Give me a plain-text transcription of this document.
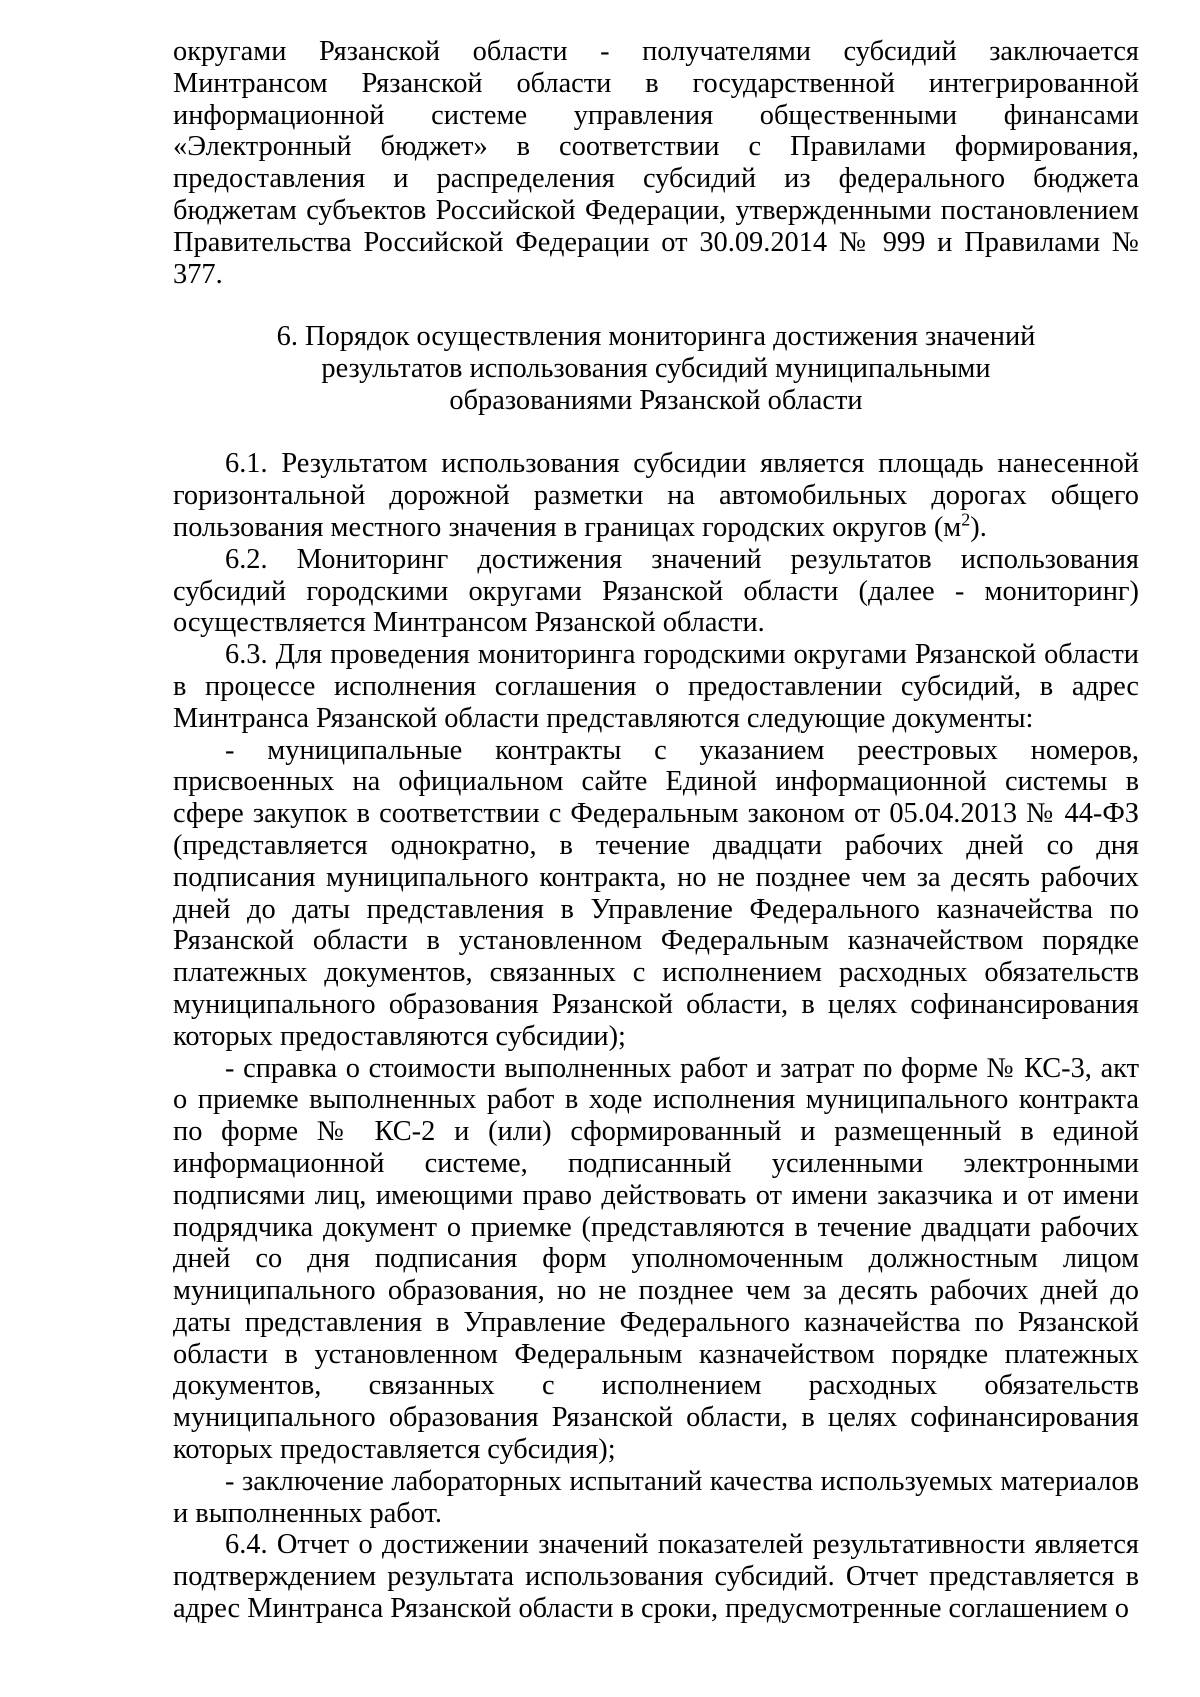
округами Рязанской области - получателями субсидий заключается Минтрансом Рязанской области в государственной интегрированной информационной системе управления общественными финансами «Электронный бюджет» в соответствии с Правилами формирования, предоставления и распределения субсидий из федерального бюджета бюджетам субъектов Российской Федерации, утвержденными постановлением Правительства Российской Федерации от 30.09.2014 № 999 и Правилами № 377.

6. Порядок осуществления мониторинга достижения значений
результатов использования субсидий муниципальными
образованиями Рязанской области

6.1. Результатом использования субсидии является площадь нанесенной горизонтальной дорожной разметки на автомобильных дорогах общего пользования местного значения в границах городских округов $(м^2)$.

6.2. Мониторинг достижения значений результатов использования субсидий городскими округами Рязанской области (далее - мониторинг) осуществляется Минтрансом Рязанской области.

6.3. Для проведения мониторинга городскими округами Рязанской области в процессе исполнения соглашения о предоставлении субсидий, в адрес Минтранса Рязанской области представляются следующие документы:

- муниципальные контракты с указанием реестровых номеров, присвоенных на официальном сайте Единой информационной системы в сфере закупок в соответствии с Федеральным законом от 05.04.2013 № 44-ФЗ (представляется однократно, в течение двадцати рабочих дней со дня подписания муниципального контракта, но не позднее чем за десять рабочих дней до даты представления в Управление Федерального казначейства по Рязанской области в установленном Федеральным казначейством порядке платежных документов, связанных с исполнением расходных обязательств муниципального образования Рязанской области, в целях софинансирования которых предоставляются субсидии);

- справка о стоимости выполненных работ и затрат по форме № КС-3, акт о приемке выполненных работ в ходе исполнения муниципального контракта по форме № КС-2 и (или) сформированный и размещенный в единой информационной системе, подписанный усиленными электронными подписями лиц, имеющими право действовать от имени заказчика и от имени подрядчика документ о приемке (представляются в течение двадцати рабочих дней со дня подписания форм уполномоченным должностным лицом муниципального образования, но не позднее чем за десять рабочих дней до даты представления в Управление Федерального казначейства по Рязанской области в установленном Федеральным казначейством порядке платежных документов, связанных с исполнением расходных обязательств муниципального образования Рязанской области, в целях софинансирования которых предоставляется субсидия);

- заключение лабораторных испытаний качества используемых материалов и выполненных работ.

6.4. Отчет о достижении значений показателей результативности является подтверждением результата использования субсидий. Отчет представляется в адрес Минтранса Рязанской области в сроки, предусмотренные соглашением о
